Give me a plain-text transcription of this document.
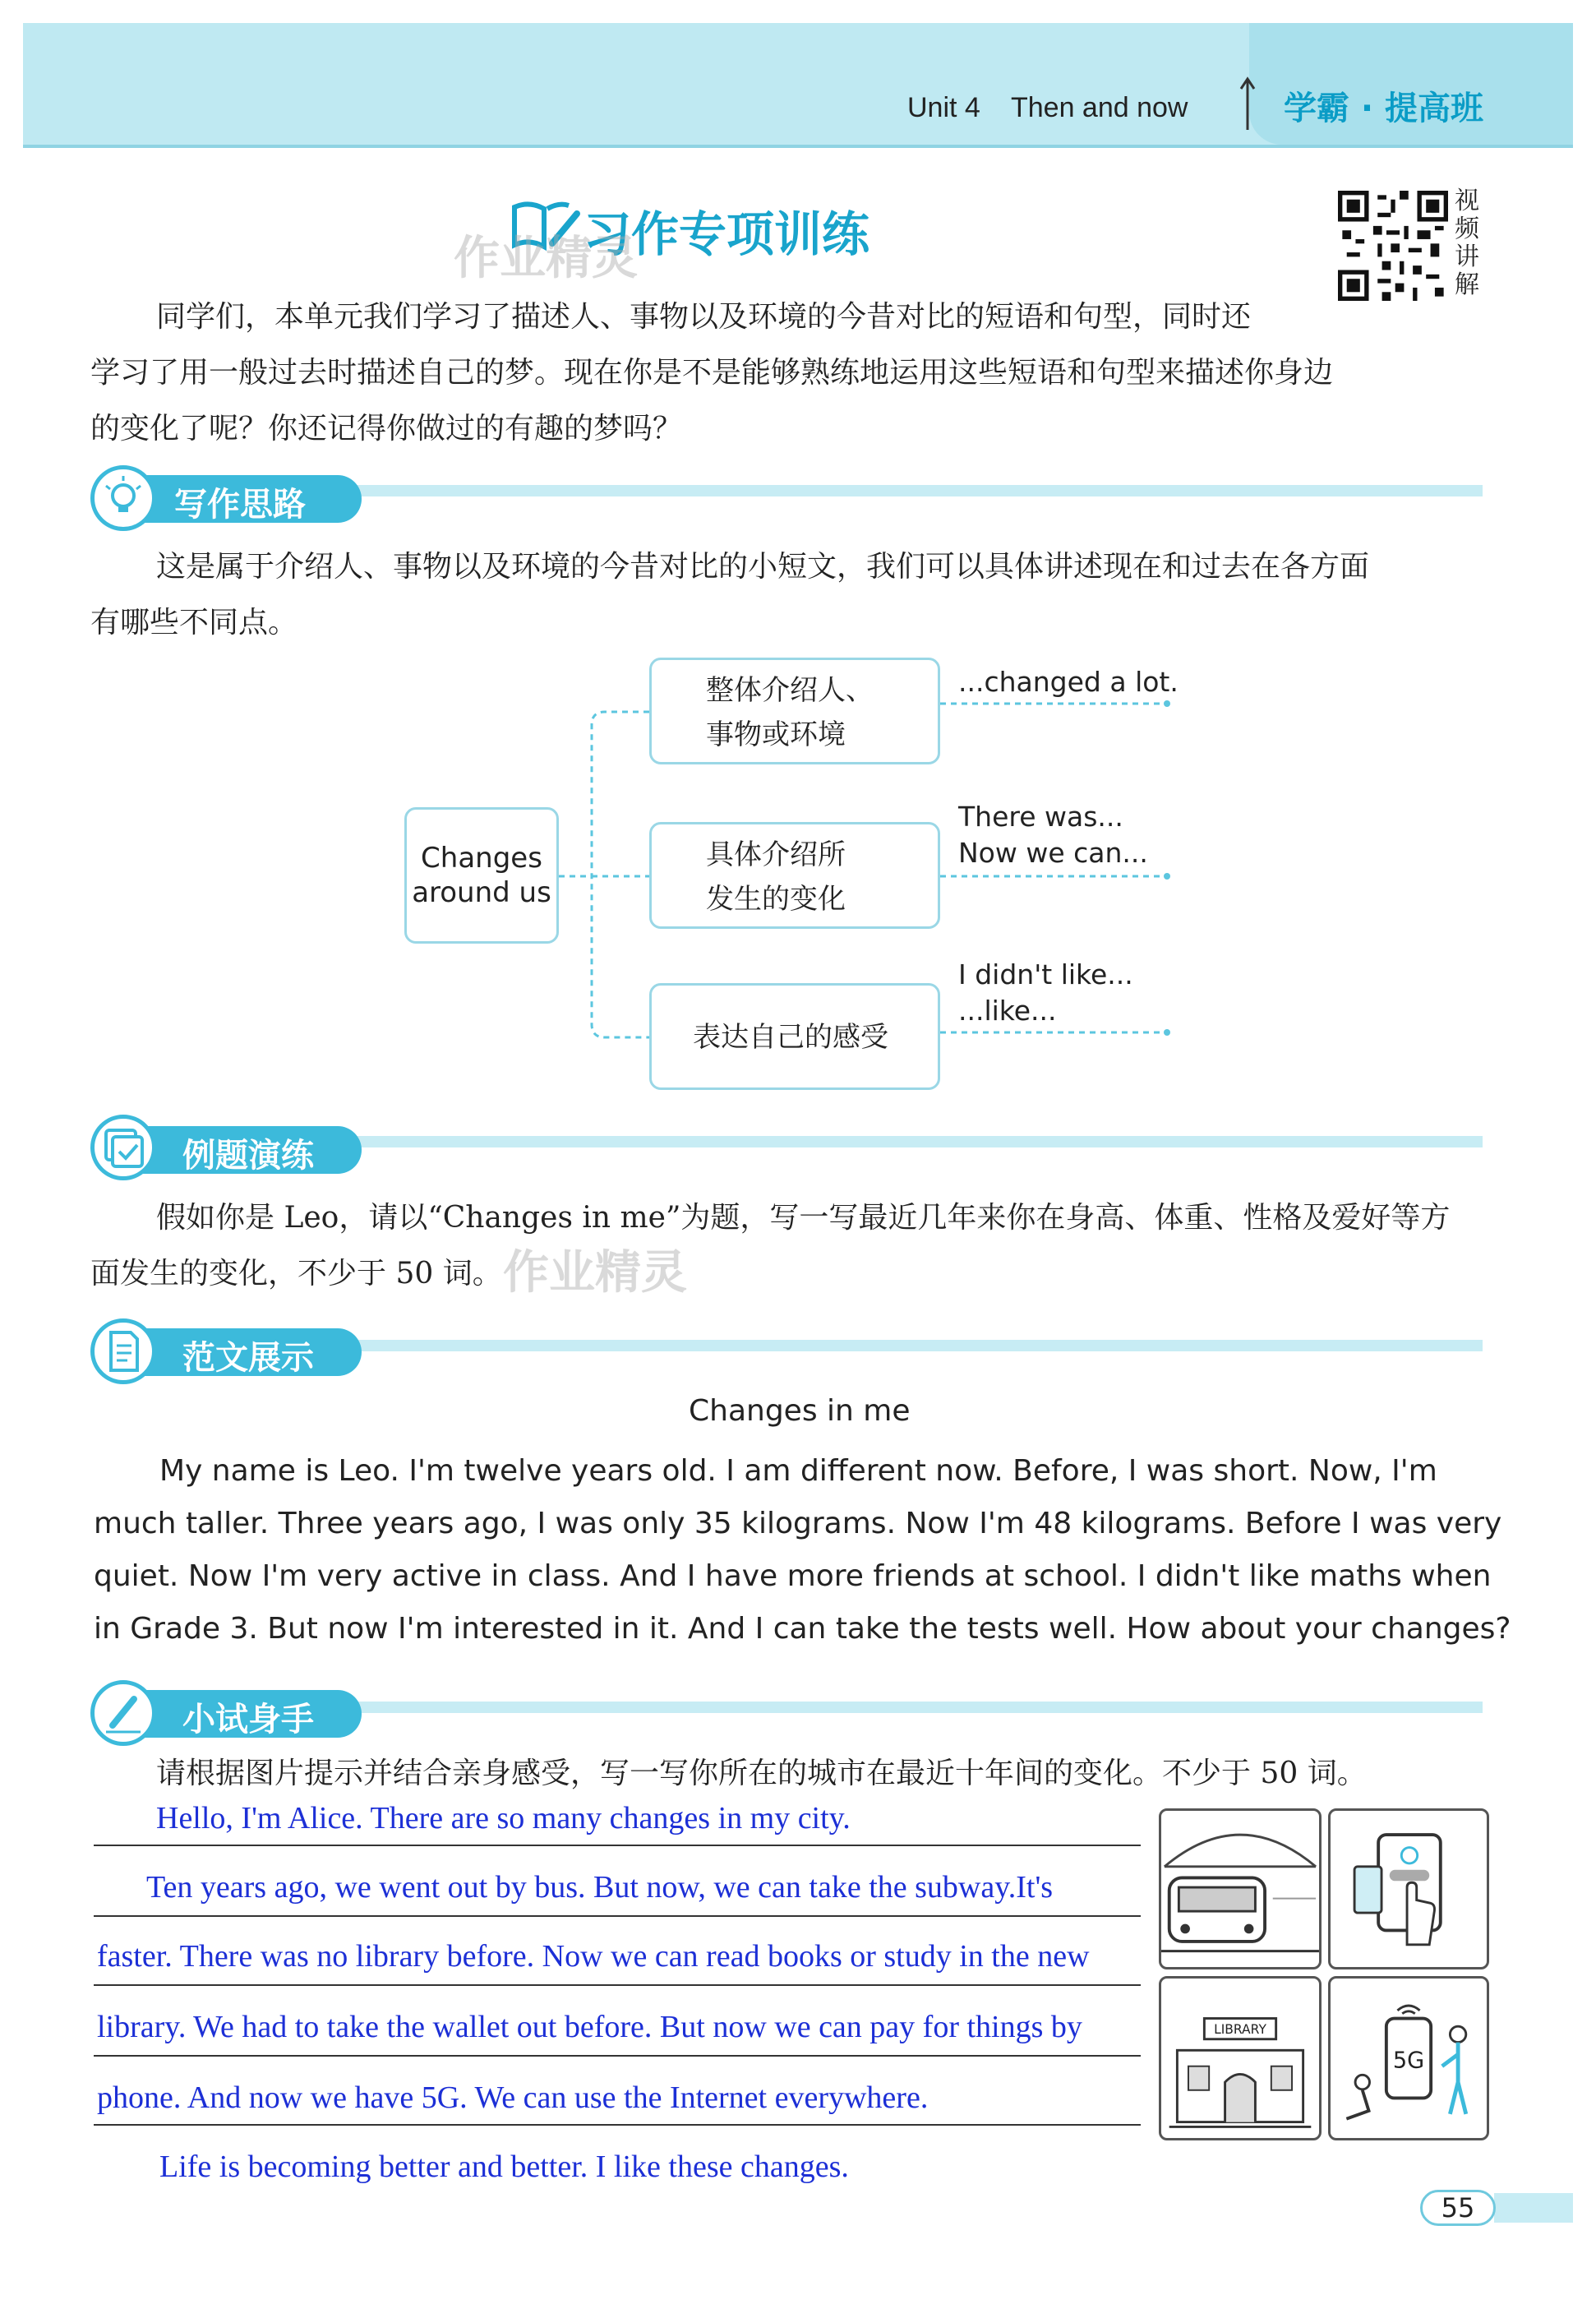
Unit 4    Then and now	学霸 · 提高班
习作专项训练
作业精灵
视频讲解
同学们，本单元我们学习了描述人、事物以及环境的今昔对比的短语和句型，同时还
学习了用一般过去时描述自己的梦。现在你是不是能够熟练地运用这些短语和句型来描述你身边
的变化了呢？你还记得你做过的有趣的梦吗？
写作思路
这是属于介绍人、事物以及环境的今昔对比的小短文，我们可以具体讲述现在和过去在各方面
有哪些不同点。
Changes
around us
整体介绍人、
事物或环境
具体介绍所
发生的变化
表达自己的感受
...changed a lot.
There was...
Now we can...
I didn't like...
...like...
例题演练
假如你是 Leo，请以“Changes in me”为题，写一写最近几年来你在身高、体重、性格及爱好等方
面发生的变化，不少于 50 词。 作业精灵
范文展示
Changes in me
My name is Leo. I'm twelve years old. I am different now. Before, I was short. Now, I'm
much taller. Three years ago, I was only 35 kilograms. Now I'm 48 kilograms. Before I was very
quiet. Now I'm very active in class. And I have more friends at school. I didn't like maths when
in Grade 3. But now I'm interested in it. And I can take the tests well. How about your changes?
小试身手
请根据图片提示并结合亲身感受，写一写你所在的城市在最近十年间的变化。不少于 50 词。
Hello, I'm Alice. There are so many changes in my city.
Ten years ago, we went out by bus. But now, we can take the subway.It's
faster. There was no library before. Now we can read books or study in the new
library. We had to take the wallet out before. But now we can pay for things by
phone. And now we have 5G. We can use the Internet everywhere.
Life is becoming better and better. I like these changes.
LIBRARY
5G
55
